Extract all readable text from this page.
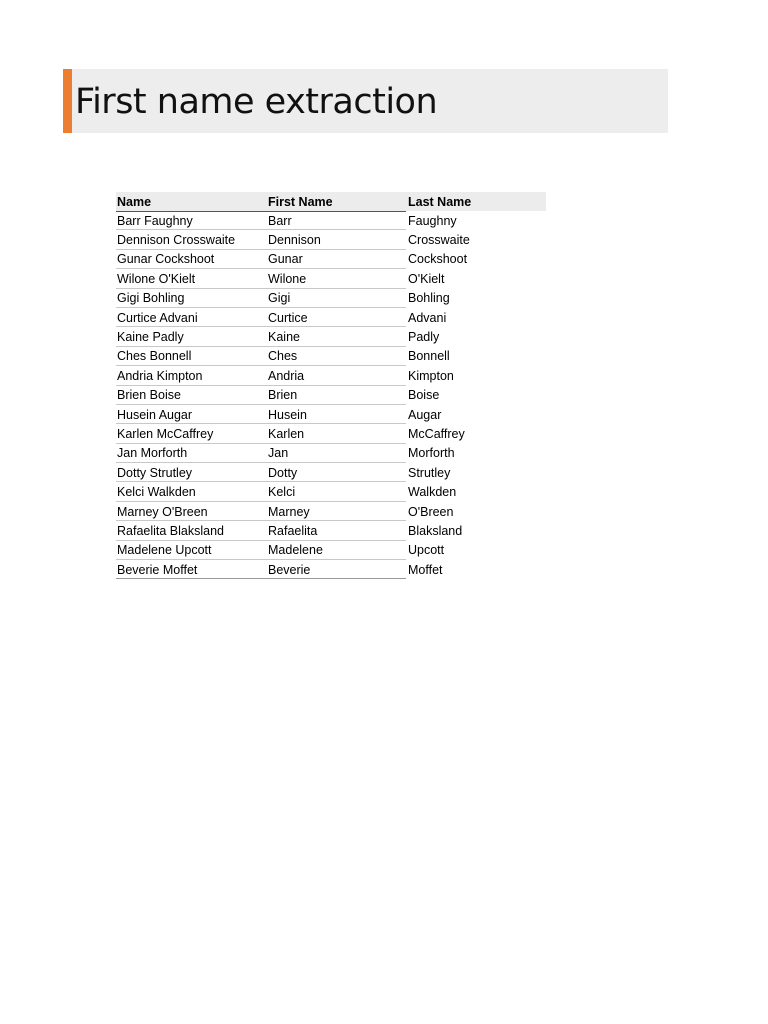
First name extraction
Name	First Name	Last Name
Barr Faughny	Barr	Faughny
Dennison Crosswaite	Dennison	Crosswaite
Gunar Cockshoot	Gunar	Cockshoot
Wilone O'Kielt	Wilone	O'Kielt
Gigi Bohling	Gigi	Bohling
Curtice Advani	Curtice	Advani
Kaine Padly	Kaine	Padly
Ches Bonnell	Ches	Bonnell
Andria Kimpton	Andria	Kimpton
Brien Boise	Brien	Boise
Husein Augar	Husein	Augar
Karlen McCaffrey	Karlen	McCaffrey
Jan Morforth	Jan	Morforth
Dotty Strutley	Dotty	Strutley
Kelci Walkden	Kelci	Walkden
Marney O'Breen	Marney	O'Breen
Rafaelita Blaksland	Rafaelita	Blaksland
Madelene Upcott	Madelene	Upcott
Beverie Moffet	Beverie	Moffet
